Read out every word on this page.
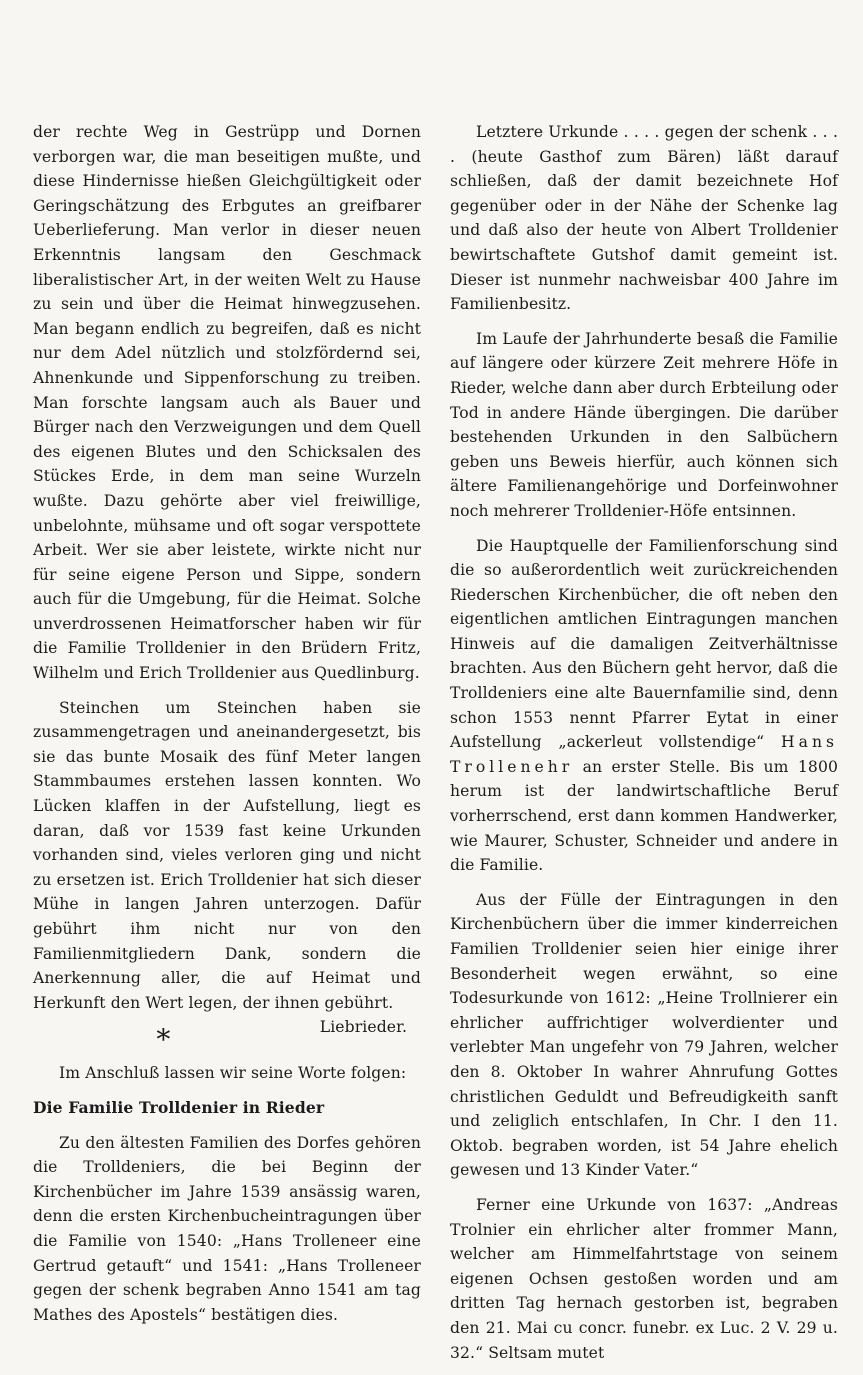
der rechte Weg in Gestrüpp und Dornen verborgen war, die man beseitigen mußte, und diese Hindernisse hießen Gleichgültigkeit oder Geringschätzung des Erbgutes an greifbarer Ueberlieferung. Man verlor in dieser neuen Erkenntnis langsam den Geschmack liberalistischer Art, in der weiten Welt zu Hause zu sein und über die Heimat hinwegzusehen. Man begann endlich zu begreifen, daß es nicht nur dem Adel nützlich und stolzfördernd sei, Ahnenkunde und Sippenforschung zu treiben. Man forschte langsam auch als Bauer und Bürger nach den Verzweigungen und dem Quell des eigenen Blutes und den Schicksalen des Stückes Erde, in dem man seine Wurzeln wußte. Dazu gehörte aber viel freiwillige, unbelohnte, mühsame und oft sogar verspottete Arbeit. Wer sie aber leistete, wirkte nicht nur für seine eigene Person und Sippe, sondern auch für die Umgebung, für die Heimat. Solche unverdrossenen Heimatforscher haben wir für die Familie Trolldenier in den Brüdern Fritz, Wilhelm und Erich Trolldenier aus Quedlinburg.

Steinchen um Steinchen haben sie zusammengetragen und aneinandergesetzt, bis sie das bunte Mosaik des fünf Meter langen Stammbaumes erstehen lassen konnten. Wo Lücken klaffen in der Aufstellung, liegt es daran, daß vor 1539 fast keine Urkunden vorhanden sind, vieles verloren ging und nicht zu ersetzen ist. Erich Trolldenier hat sich dieser Mühe in langen Jahren unterzogen. Dafür gebührt ihm nicht nur von den Familienmitgliedern Dank, sondern die Anerkennung aller, die auf Heimat und Herkunft den Wert legen, der ihnen gebührt.
Liebrieder.

*

Im Anschluß lassen wir seine Worte folgen:

Die Familie Trolldenier in Rieder

Zu den ältesten Familien des Dorfes gehören die Trolldeniers, die bei Beginn der Kirchenbücher im Jahre 1539 ansässig waren, denn die ersten Kirchenbucheintragungen über die Familie von 1540: „Hans Trolleneer eine Gertrud getauft“ und 1541: „Hans Trolleneer gegen der schenk begraben Anno 1541 am tag Mathes des Apostels“ bestätigen dies.

Letztere Urkunde . . . . gegen der schenk . . . . (heute Gasthof zum Bären) läßt darauf schließen, daß der damit bezeichnete Hof gegenüber oder in der Nähe der Schenke lag und daß also der heute von Albert Trolldenier bewirtschaftete Gutshof damit gemeint ist. Dieser ist nunmehr nachweisbar 400 Jahre im Familienbesitz.

Im Laufe der Jahrhunderte besaß die Familie auf längere oder kürzere Zeit mehrere Höfe in Rieder, welche dann aber durch Erbteilung oder Tod in andere Hände übergingen. Die darüber bestehenden Urkunden in den Salbüchern geben uns Beweis hierfür, auch können sich ältere Familienangehörige und Dorfeinwohner noch mehrerer Trolldenier-Höfe entsinnen.

Die Hauptquelle der Familienforschung sind die so außerordentlich weit zurückreichenden Riederschen Kirchenbücher, die oft neben den eigentlichen amtlichen Eintragungen manchen Hinweis auf die damaligen Zeitverhältnisse brachten. Aus den Büchern geht hervor, daß die Trolldeniers eine alte Bauernfamilie sind, denn schon 1553 nennt Pfarrer Eytat in einer Aufstellung „ackerleut vollstendige“ Hans Trollenehr an erster Stelle. Bis um 1800 herum ist der landwirtschaftliche Beruf vorherrschend, erst dann kommen Handwerker, wie Maurer, Schuster, Schneider und andere in die Familie.

Aus der Fülle der Eintragungen in den Kirchenbüchern über die immer kinderreichen Familien Trolldenier seien hier einige ihrer Besonderheit wegen erwähnt, so eine Todesurkunde von 1612: „Heine Trollnierer ein ehrlicher auffrichtiger wolverdienter und verlebter Man ungefehr von 79 Jahren, welcher den 8. Oktober In wahrer Ahnrufung Gottes christlichen Geduldt und Befreudigkeith sanft und zeliglich entschlafen, In Chr. I den 11. Oktob. begraben worden, ist 54 Jahre ehelich gewesen und 13 Kinder Vater.“

Ferner eine Urkunde von 1637: „Andreas Trolnier ein ehrlicher alter frommer Mann, welcher am Himmelfahrtstage von seinem eigenen Ochsen gestoßen worden und am dritten Tag hernach gestorben ist, begraben den 21. Mai cu concr. funebr. ex Luc. 2 V. 29 u. 32.“ Seltsam mutet
